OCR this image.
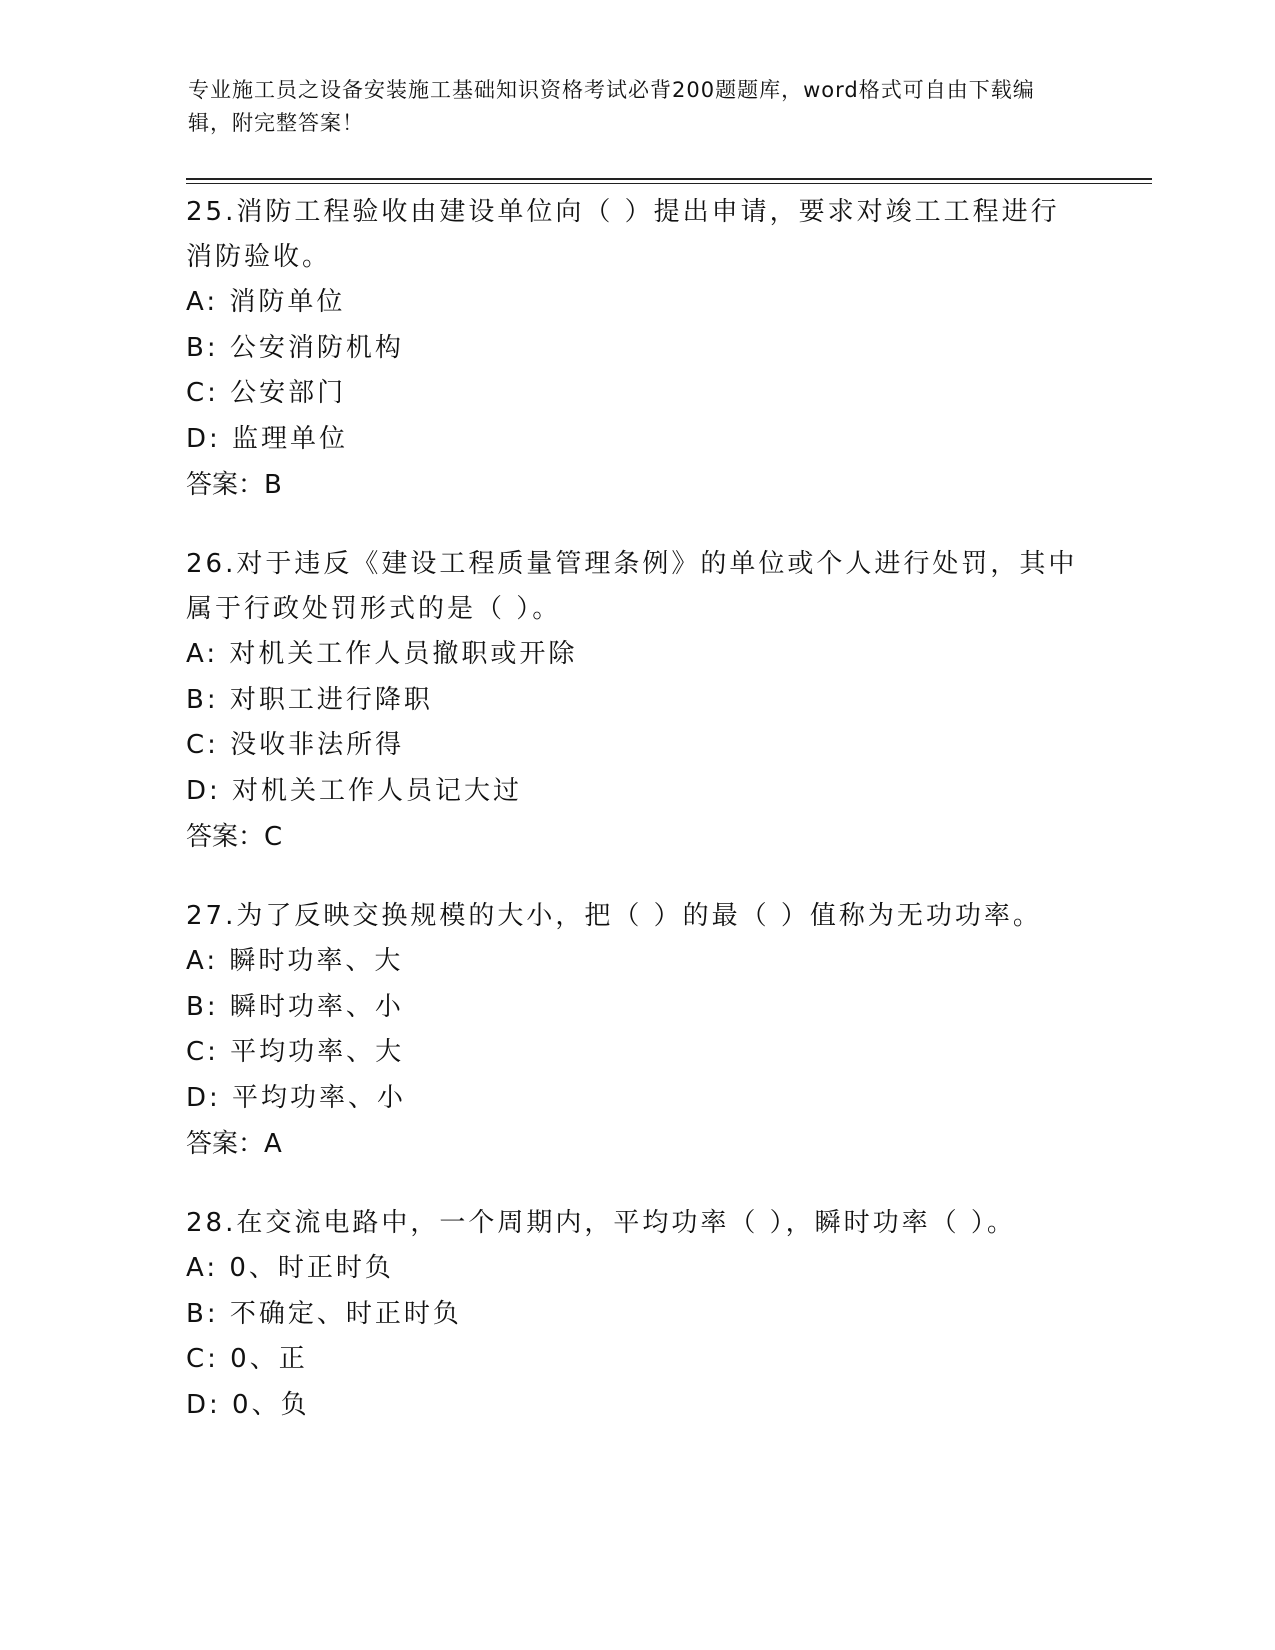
专业施工员之设备安装施工基础知识资格考试必背200题题库，word格式可自由下载编辑，附完整答案！
25.消防工程验收由建设单位向（ ）提出申请，要求对竣工工程进行消防验收。
A: 消防单位
B: 公安消防机构
C: 公安部门
D: 监理单位
答案：B
26.对于违反《建设工程质量管理条例》的单位或个人进行处罚，其中属于行政处罚形式的是（ ）。
A: 对机关工作人员撤职或开除
B: 对职工进行降职
C: 没收非法所得
D: 对机关工作人员记大过
答案：C
27.为了反映交换规模的大小，把（ ）的最（ ）值称为无功功率。
A: 瞬时功率、大
B: 瞬时功率、小
C: 平均功率、大
D: 平均功率、小
答案：A
28.在交流电路中，一个周期内，平均功率（ ），瞬时功率（ ）。
A: 0、时正时负
B: 不确定、时正时负
C: 0、正
D: 0、负
